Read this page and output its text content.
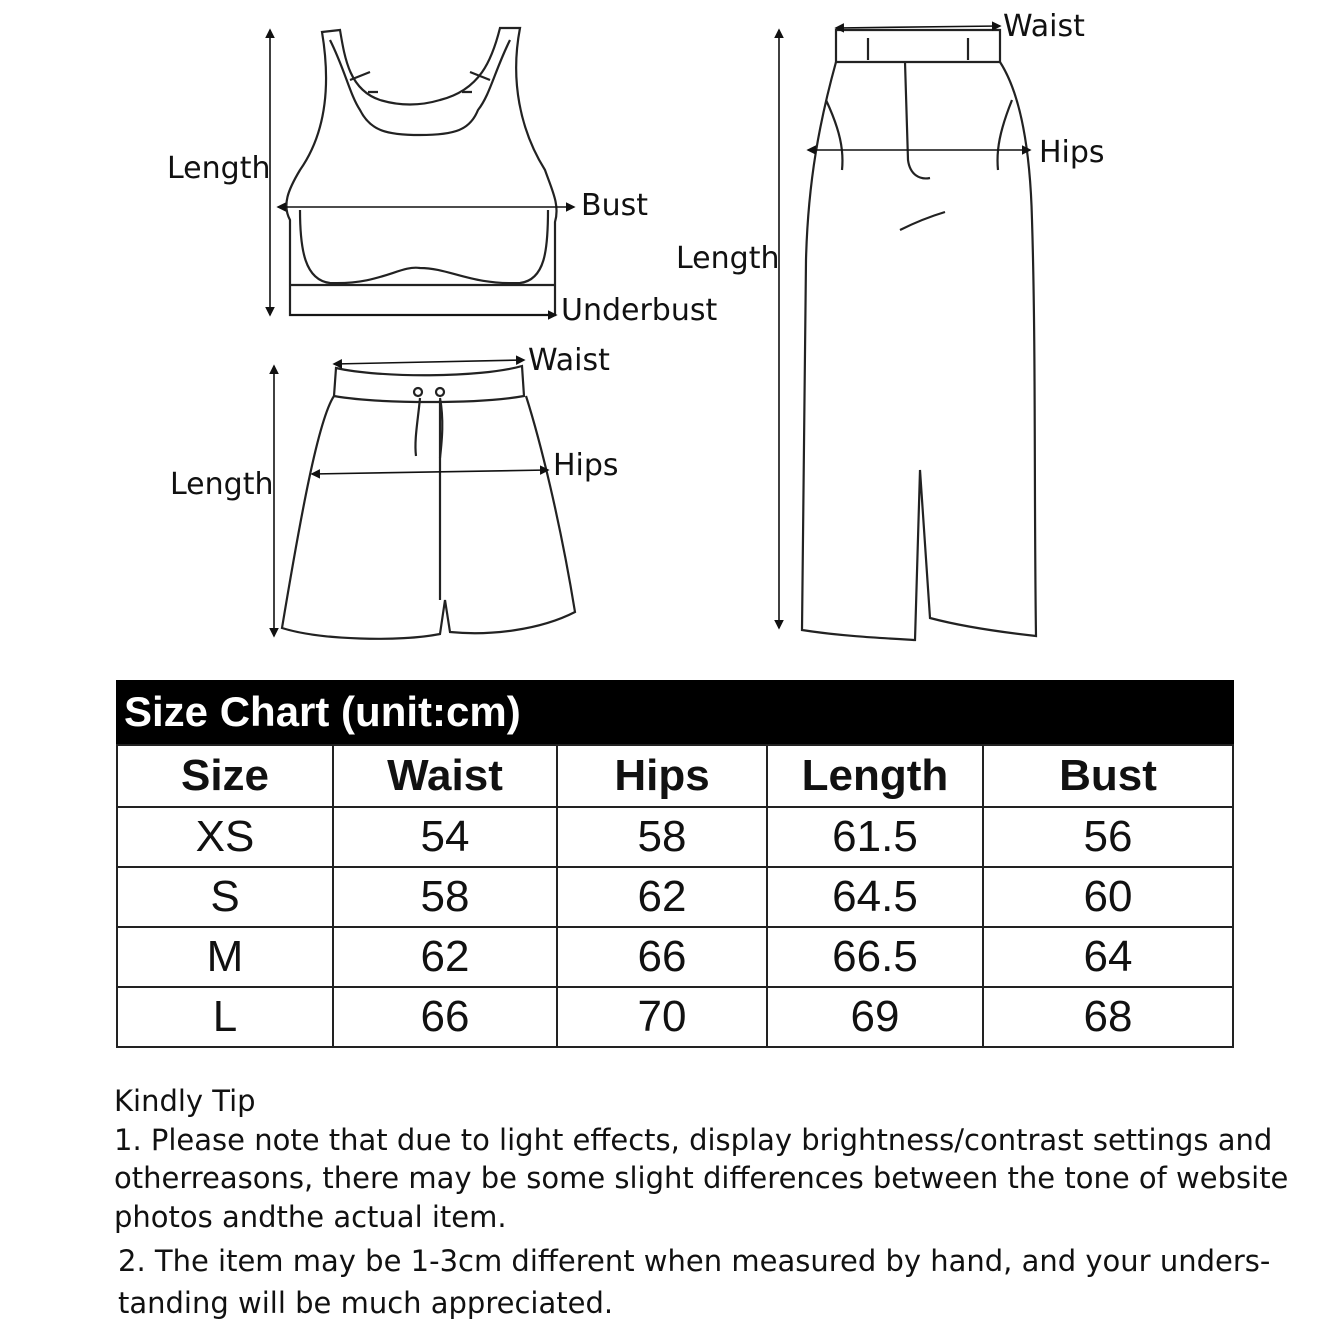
Length
Bust
Underbust
Waist
Hips
Length
Waist
Hips
Length
Size Chart (unit:cm)
Size	Waist	Hips	Length	Bust
XS	54	58	61.5	56
S	58	62	64.5	60
M	62	66	66.5	64
L	66	70	69	68

Kindly Tip

1. Please note that due to light effects, display brightness/contrast settings and otherreasons, there may be some slight differences between the tone of website photos andthe actual item.

2. The item may be 1-3cm different when measured by hand, and your unders-tanding will be much appreciated.
